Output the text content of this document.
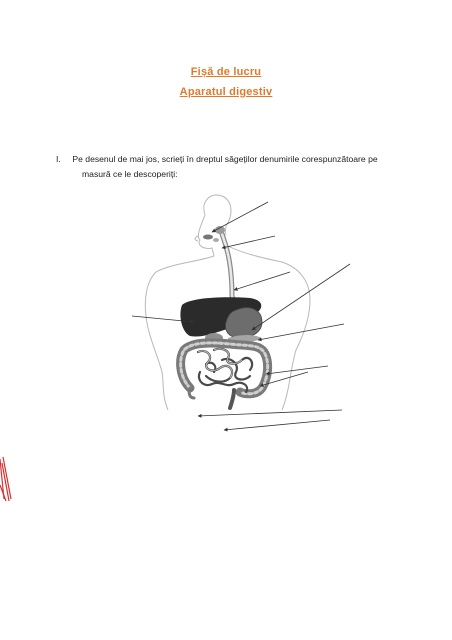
Fișă de lucru
Aparatul digestiv
I. Pe desenul de mai jos, scrieți în dreptul săgeților denumirile corespunzătoare pe
masură ce le descoperiți:
